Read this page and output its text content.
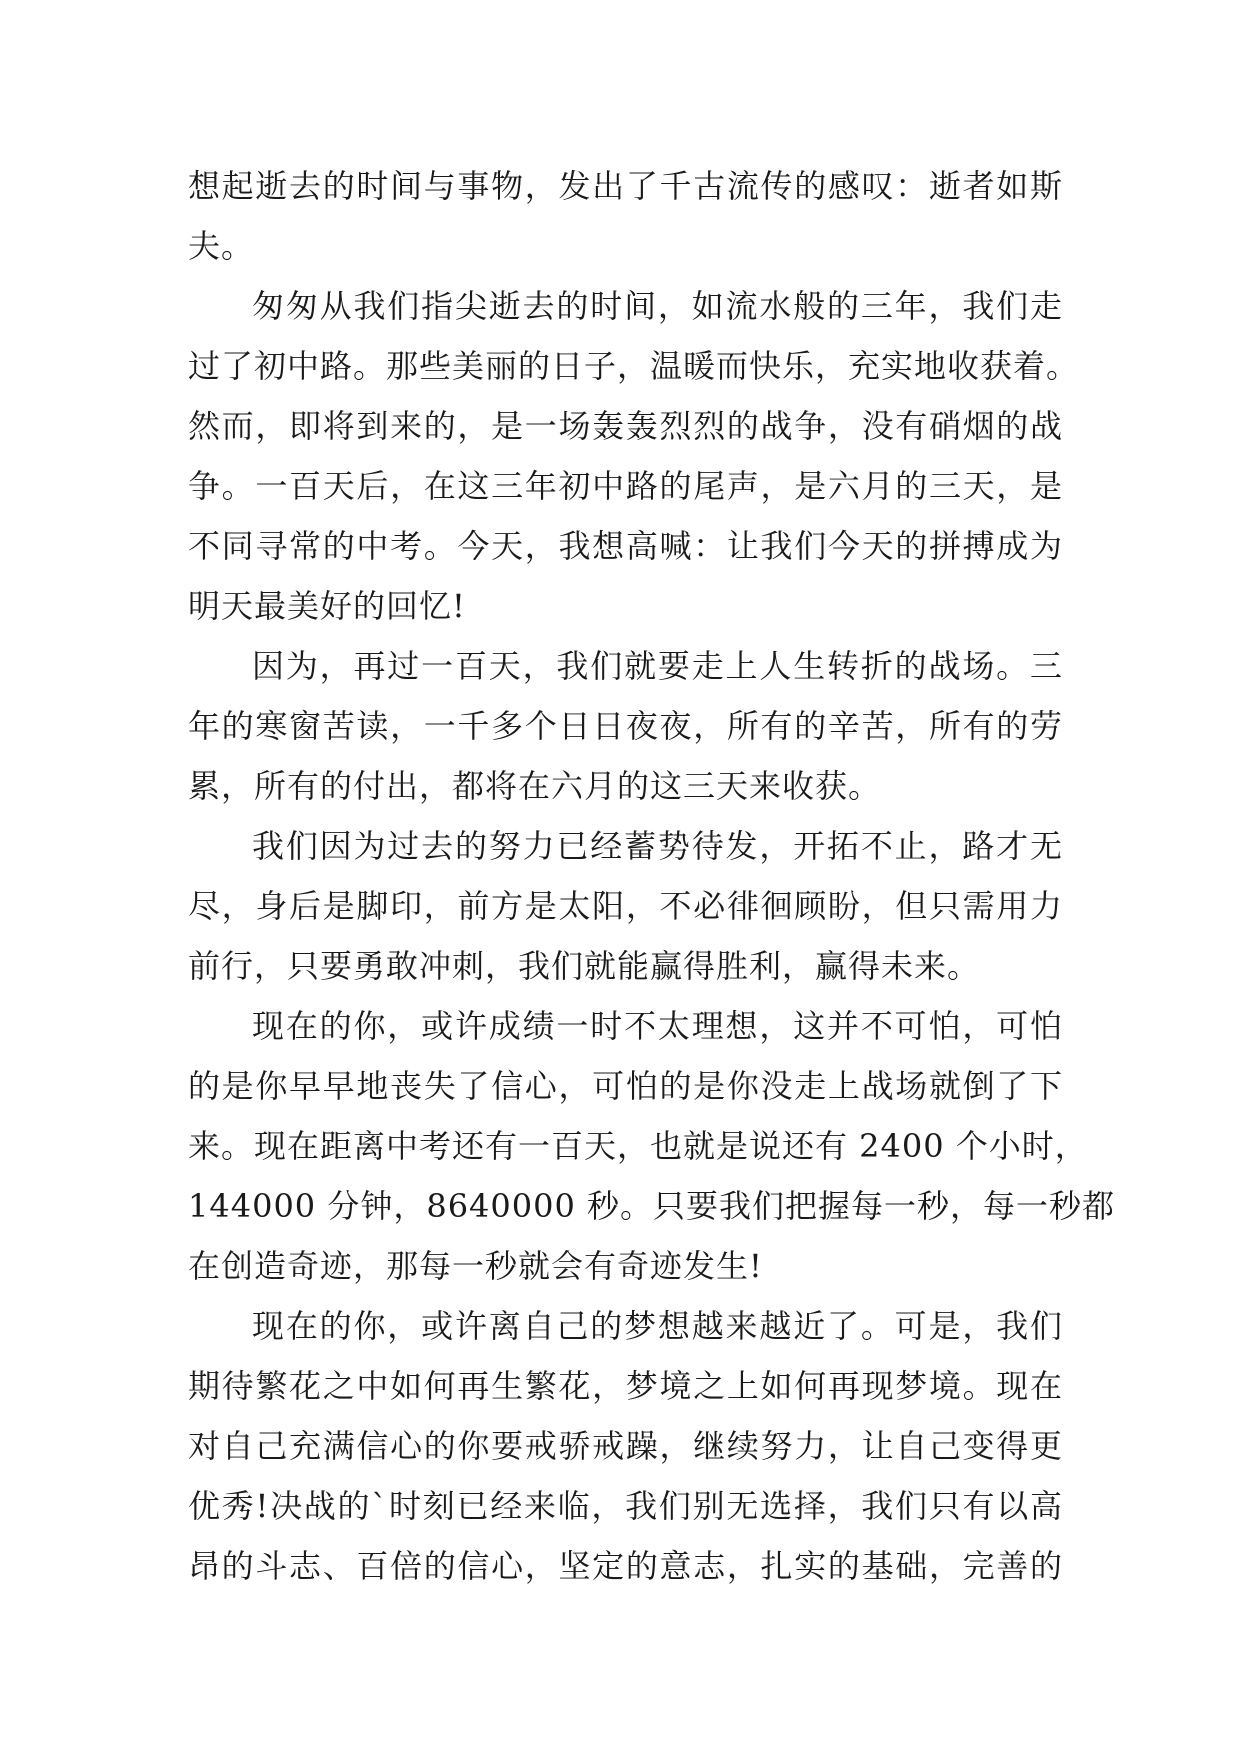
想起逝去的时间与事物，发出了千古流传的感叹：逝者如斯
夫。
匆匆从我们指尖逝去的时间，如流水般的三年，我们走
过了初中路。那些美丽的日子，温暖而快乐，充实地收获着。
然而，即将到来的，是一场轰轰烈烈的战争，没有硝烟的战
争。一百天后，在这三年初中路的尾声，是六月的三天，是
不同寻常的中考。今天，我想高喊：让我们今天的拼搏成为
明天最美好的回忆!
因为，再过一百天，我们就要走上人生转折的战场。三
年的寒窗苦读，一千多个日日夜夜，所有的辛苦，所有的劳
累，所有的付出，都将在六月的这三天来收获。
我们因为过去的努力已经蓄势待发，开拓不止，路才无
尽，身后是脚印，前方是太阳，不必徘徊顾盼，但只需用力
前行，只要勇敢冲刺，我们就能赢得胜利，赢得未来。
现在的你，或许成绩一时不太理想，这并不可怕，可怕
的是你早早地丧失了信心，可怕的是你没走上战场就倒了下
来。现在距离中考还有一百天，也就是说还有 2400 个小时，
144000 分钟，8640000 秒。只要我们把握每一秒，每一秒都
在创造奇迹，那每一秒就会有奇迹发生!
现在的你，或许离自己的梦想越来越近了。可是，我们
期待繁花之中如何再生繁花，梦境之上如何再现梦境。现在
对自己充满信心的你要戒骄戒躁，继续努力，让自己变得更
优秀!决战的`时刻已经来临，我们别无选择，我们只有以高
昂的斗志、百倍的信心，坚定的意志，扎实的基础，完善的
